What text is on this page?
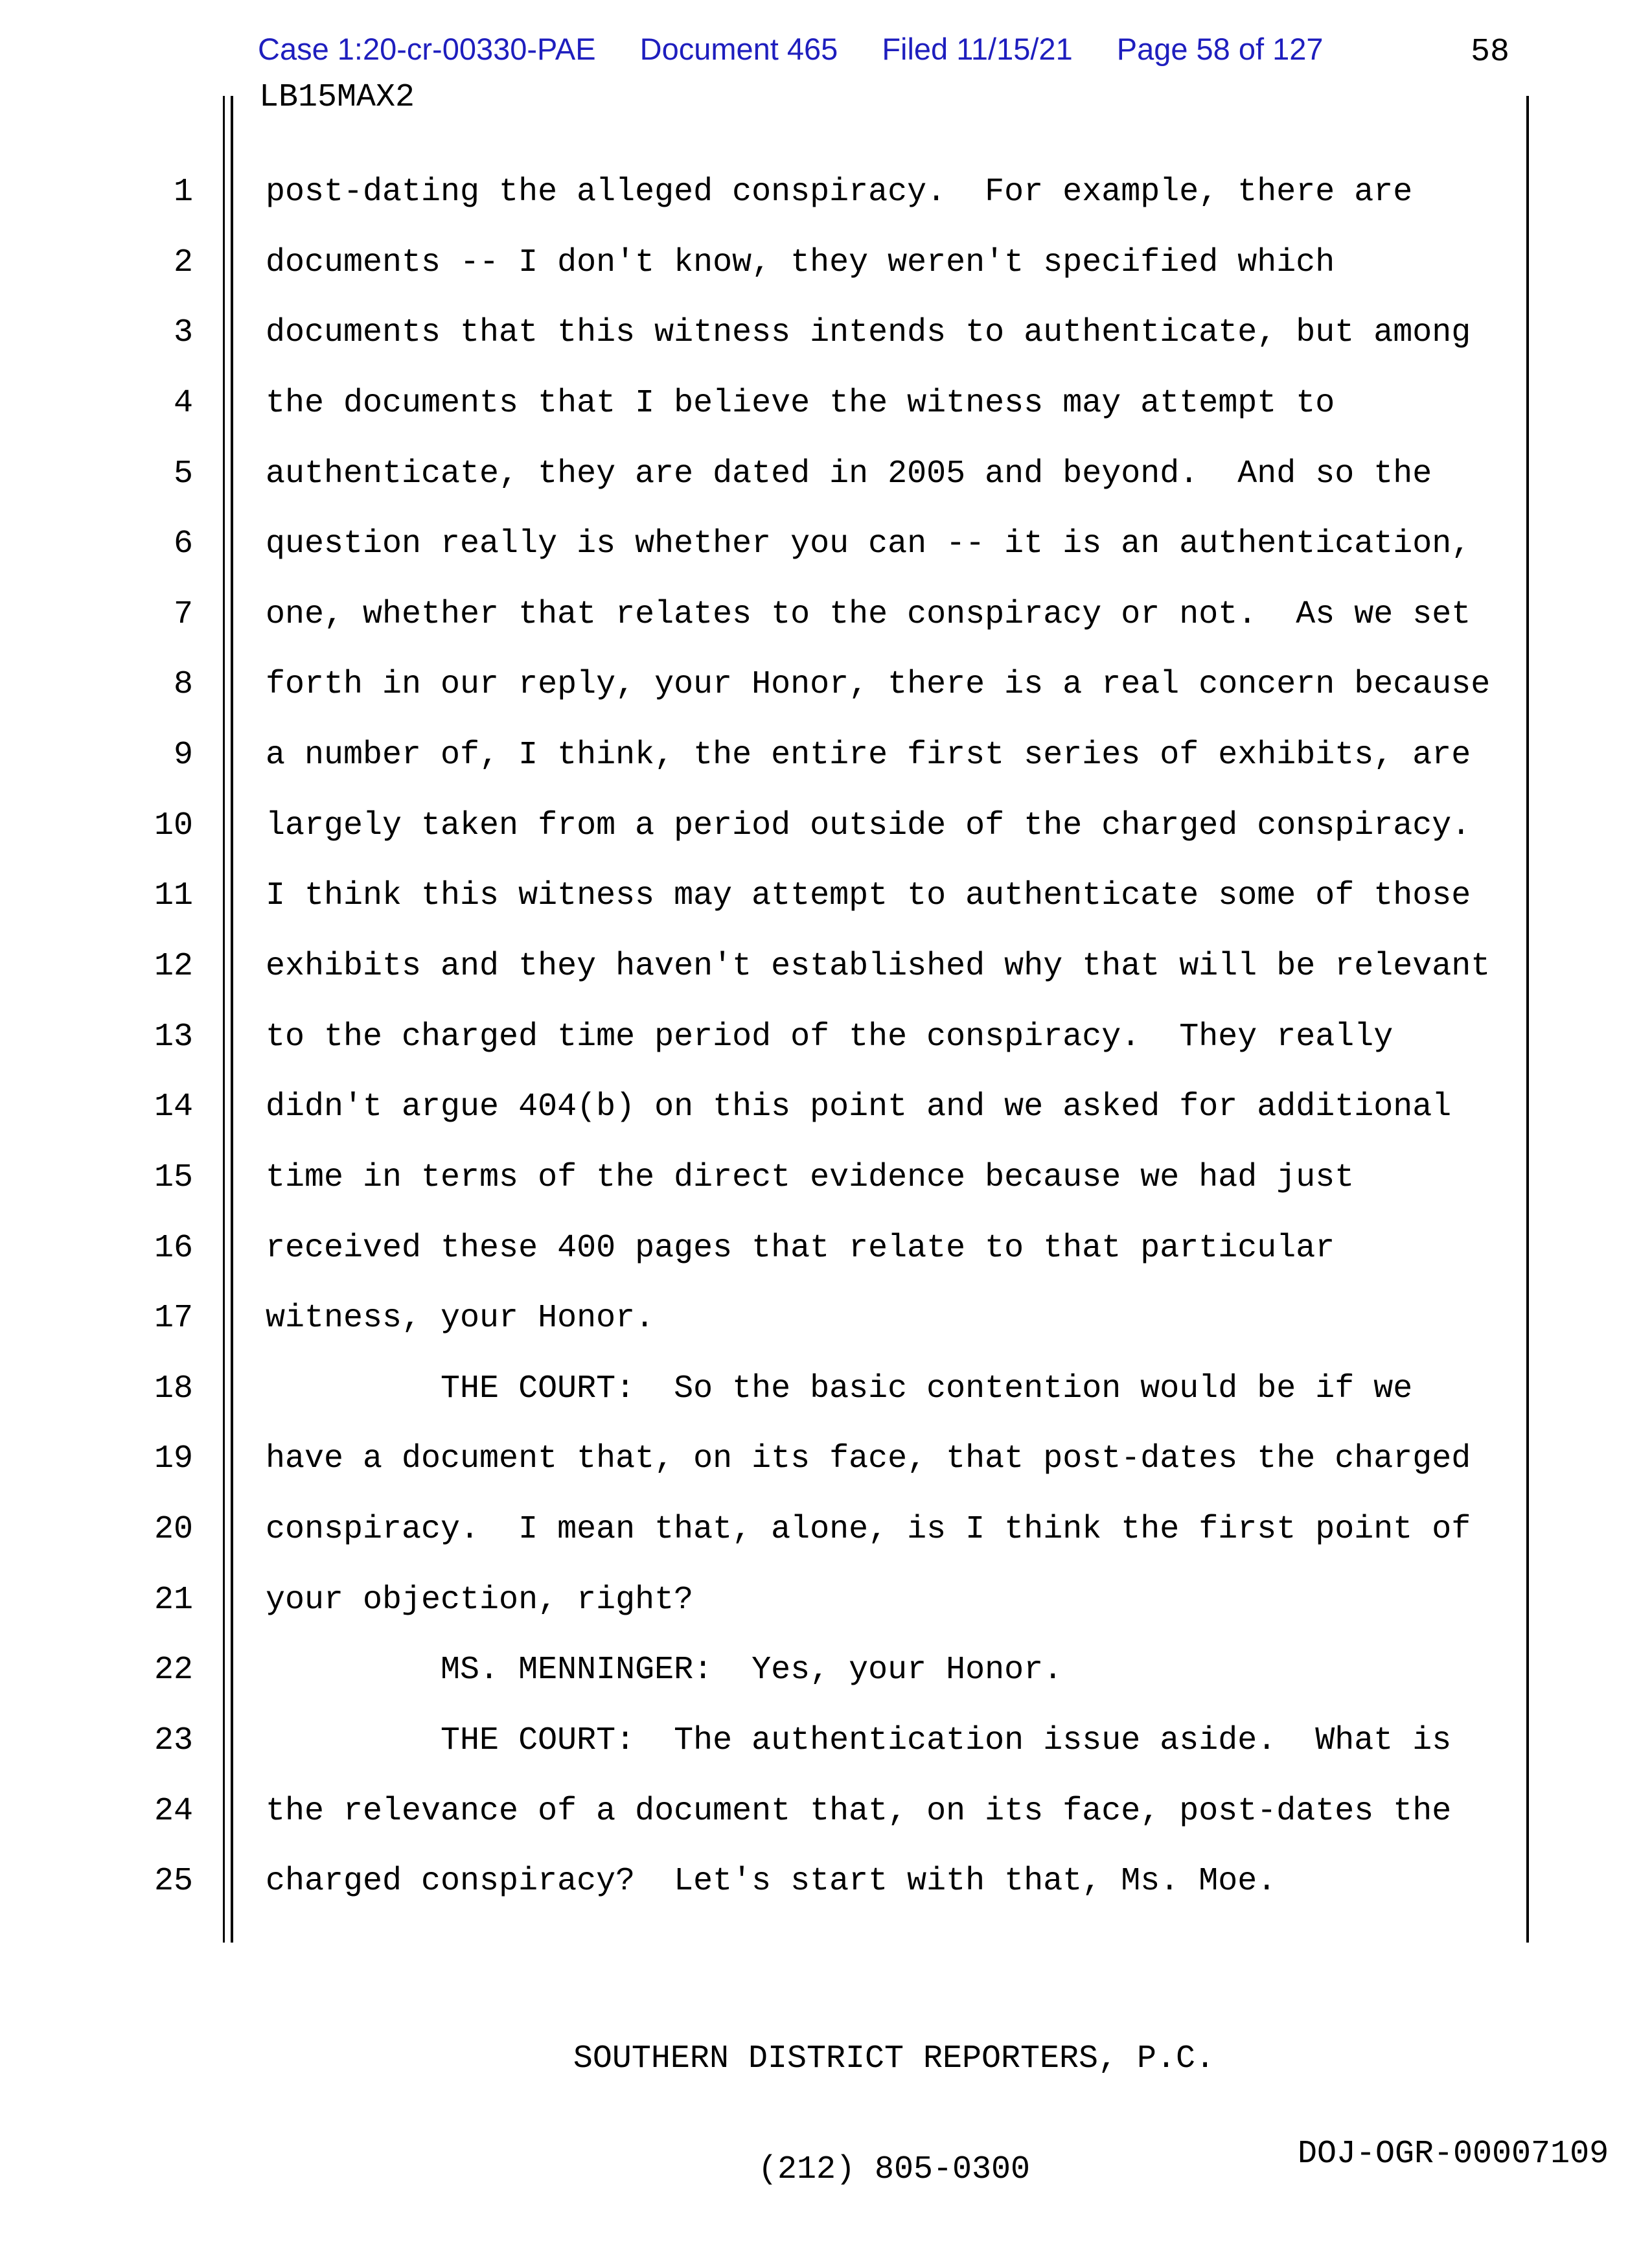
Case 1:20-cr-00330-PAE Document 465 Filed 11/15/21 Page 58 of 127	58
LB15MAX2
1 post-dating the alleged conspiracy.  For example, there are
2 documents -- I don't know, they weren't specified which
3 documents that this witness intends to authenticate, but among
4 the documents that I believe the witness may attempt to
5 authenticate, they are dated in 2005 and beyond.  And so the
6 question really is whether you can -- it is an authentication,
7 one, whether that relates to the conspiracy or not.  As we set
8 forth in our reply, your Honor, there is a real concern because
9 a number of, I think, the entire first series of exhibits, are
10 largely taken from a period outside of the charged conspiracy.
11 I think this witness may attempt to authenticate some of those
12 exhibits and they haven't established why that will be relevant
13 to the charged time period of the conspiracy.  They really
14 didn't argue 404(b) on this point and we asked for additional
15 time in terms of the direct evidence because we had just
16 received these 400 pages that relate to that particular
17 witness, your Honor.
18 THE COURT:  So the basic contention would be if we
19 have a document that, on its face, that post-dates the charged
20 conspiracy.  I mean that, alone, is I think the first point of
21 your objection, right?
22 MS. MENNINGER:  Yes, your Honor.
23 THE COURT:  The authentication issue aside.  What is
24 the relevance of a document that, on its face, post-dates the
25 charged conspiracy?  Let's start with that, Ms. Moe.

SOUTHERN DISTRICT REPORTERS, P.C.

(212) 805-0300

	DOJ-OGR-00007109
